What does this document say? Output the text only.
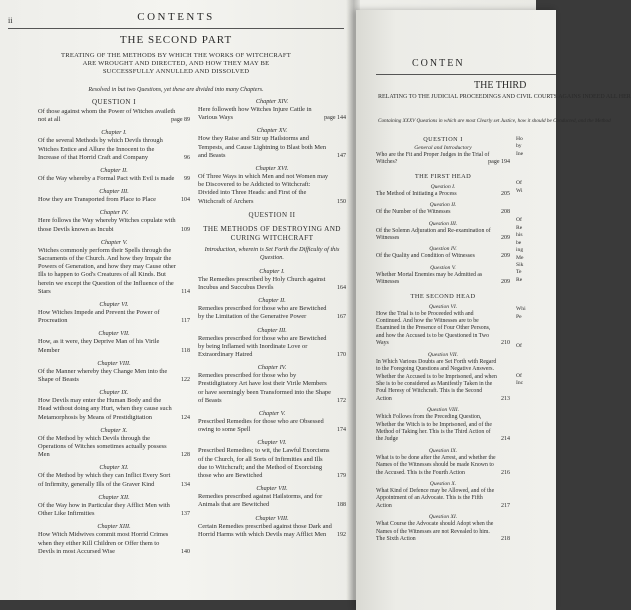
ii	CONTENTS
THE SECOND PART
TREATING OF THE METHODS BY WHICH THE WORKS OF WITCHCRAFT ARE WROUGHT AND DIRECTED, AND HOW THEY MAY BE SUCCESSFULLY ANNULLED AND DISSOLVED
Resolved in but two Questions, yet these are divided into many Chapters.
QUESTION I
Of those against whom the Power of Witches availeth not at all	page 89
Chapter I.
Of the several Methods by which Devils through Witches Entice and Allure the Innocent to the Increase of that Horrid Craft and Company	96
Chapter II.
Of the Way whereby a Formal Pact with Evil is made 99
Chapter III.
How they are Transported from Place to Place	104
Chapter IV.
Here follows the Way whereby Witches copulate with those Devils known as Incubi	109
Chapter V.
Witches commonly perform their Spells through the Sacraments of the Church. And how they Impair the Powers of Generation, and how they may Cause other Ills to happen to God's Creatures of all Kinds. But herein we except the Question of the Influence of the Stars	114
Chapter VI.
How Witches Impede and Prevent the Power of Procreation	117
Chapter VII.
How, as it were, they Deprive Man of his Virile Member	118
Chapter VIII.
Of the Manner whereby they Change Men into the Shape of Beasts	122
Chapter IX.
How Devils may enter the Human Body and the Head without doing any Hurt, when they cause such Metamorphosis by Means of Prestidigitation	124
Chapter X.
Of the Method by which Devils through the Operations of Witches sometimes actually possess Men	128
Chapter XI.
Of the Method by which they can Inflict Every Sort of Infirmity, generally Ills of the Graver Kind	134
Chapter XII.
Of the Way how in Particular they Afflict Men with Other Like Infirmities	137
Chapter XIII.
How Witch Midwives commit most Horrid Crimes when they either Kill Children or Offer them to Devils in most Accursed Wise	140
Chapter XIV.
Here followeth how Witches Injure Cattle in Various Ways	page 144
Chapter XV.
How they Raise and Stir up Hailstorms and Tempests, and Cause Lightning to Blast both Men and Beasts	147
Chapter XVI.
Of Three Ways in which Men and not Women may be Discovered to be Addicted to Witchcraft: Divided into Three Heads: and First of the Witchcraft of Archers	150
QUESTION II
THE METHODS OF DESTROYING AND CURING WITCHCRAFT
Introduction, wherein is Set Forth the Difficulty of this Question.
Chapter I.
The Remedies prescribed by Holy Church against Incubus and Succubus Devils	164
Chapter II.
Remedies prescribed for those who are Bewitched by the Limitation of the Generative Power	167
Chapter III.
Remedies prescribed for those who are Bewitched by being Inflamed with Inordinate Love or Extraordinary Hatred	170
Chapter IV.
Remedies prescribed for those who by Prestidigitatory Art have lost their Virile Members or have seemingly been Transformed into the Shape of Beasts	172
Chapter V.
Prescribed Remedies for those who are Obsessed owing to some Spell	174
Chapter VI.
Prescribed Remedies; to wit, the Lawful Exorcisms of the Church, for all Sorts of Infirmities and Ills due to Witchcraft; and the Method of Exorcising those who are Bewitched	179
Chapter VII.
Remedies prescribed against Hailstorms, and for Animals that are Bewitched	188
Chapter VIII.
Certain Remedies prescribed against those Dark and Horrid Harms with which Devils may Afflict Men 192
CONTEN
THE THIRD
RELATING TO THE JUDICIAL PROCEEDINGS AND CIVIL COURTS AGAINS INDEED ALL HER
Containing XXXV Questions in which are most Clearly set Justice, how it should be Conducted, and the Method
QUESTION I
General and Introductory
Who are the Fit and Proper Judges in the Trial of Witches?	page 194
THE FIRST HEAD
Question I.
The Method of Initiating a Process	205
Question II.
Of the Number of the Witnesses	208
Question III.
Of the Solemn Adjuration and Re-examination of Witnesses	209
Question IV.
Of the Quality and Condition of Witnesses	209
Question V.
Whether Mortal Enemies may be Admitted as Witnesses	209
THE SECOND HEAD
Question VI.
How the Trial is to be Proceeded with and Continued. And how the Witnesses are to be Examined in the Presence of Four Other Persons, and how the Accused is to be Questioned in Two Ways	210
Question VII.
In Which Various Doubts are Set Forth with Regard to the Foregoing Questions and Negative Answers. Whether the Accused is to be Imprisoned, and when She is to be considered as Manifestly Taken in the Foul Heresy of Witchcraft. This is the Second Action	213
Question VIII.
Which Follows from the Preceding Question, Whether the Witch is to be Imprisoned, and of the Method of Taking her. This is the Third Action of the Judge	214
Question IX.
What is to be done after the Arrest, and whether the Names of the Witnesses should be made Known to the Accused. This is the Fourth Action	216
Question X.
What Kind of Defence may be Allowed, and of the Appointment of an Advocate. This is the Fifth Action	217
Question XI.
What Course the Advocate should Adopt when the Names of the Witnesses are not Revealed to him. The Sixth Action	218
Ho
by
Ine

Of
Wi

Of
Re
his
be
ing
Me
Sik
Te
Re

Whi
Pe

Of

Of
Inc
